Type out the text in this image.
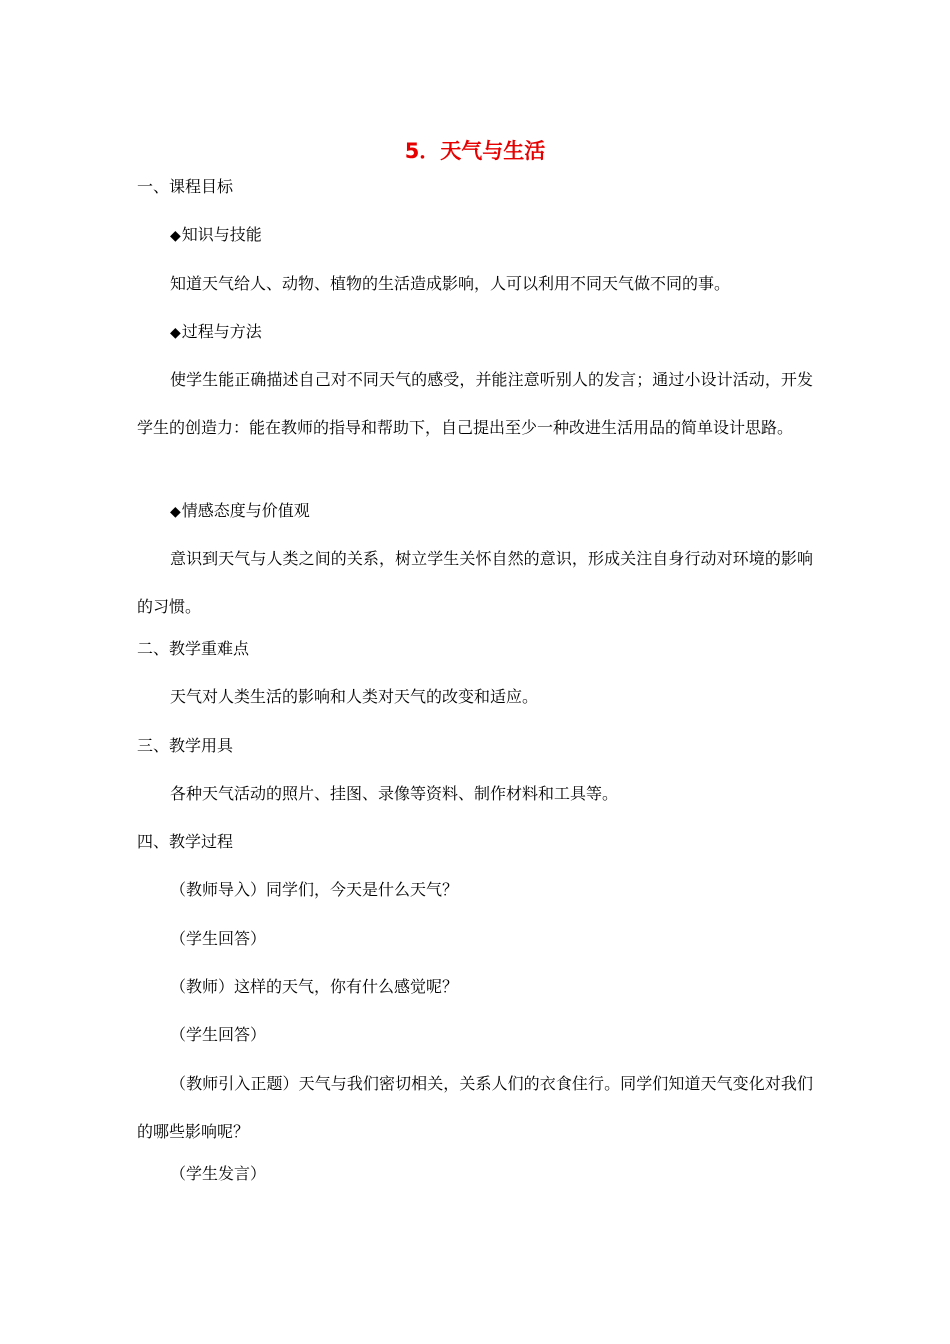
5．天气与生活
一、课程目标
◆知识与技能
知道天气给人、动物、植物的生活造成影响，人可以利用不同天气做不同的事。
◆过程与方法
使学生能正确描述自己对不同天气的感受，并能注意听别人的发言；通过小设计活动，开发学生的创造力：能在教师的指导和帮助下，自己提出至少一种改进生活用品的简单设计思路。
◆情感态度与价值观
意识到天气与人类之间的关系，树立学生关怀自然的意识，形成关注自身行动对环境的影响的习惯。
二、教学重难点
天气对人类生活的影响和人类对天气的改变和适应。
三、教学用具
各种天气活动的照片、挂图、录像等资料、制作材料和工具等。
四、教学过程
（教师导入）同学们，今天是什么天气？
（学生回答）
（教师）这样的天气，你有什么感觉呢？
（学生回答）
（教师引入正题）天气与我们密切相关，关系人们的衣食住行。同学们知道天气变化对我们的哪些影响呢？
（学生发言）
